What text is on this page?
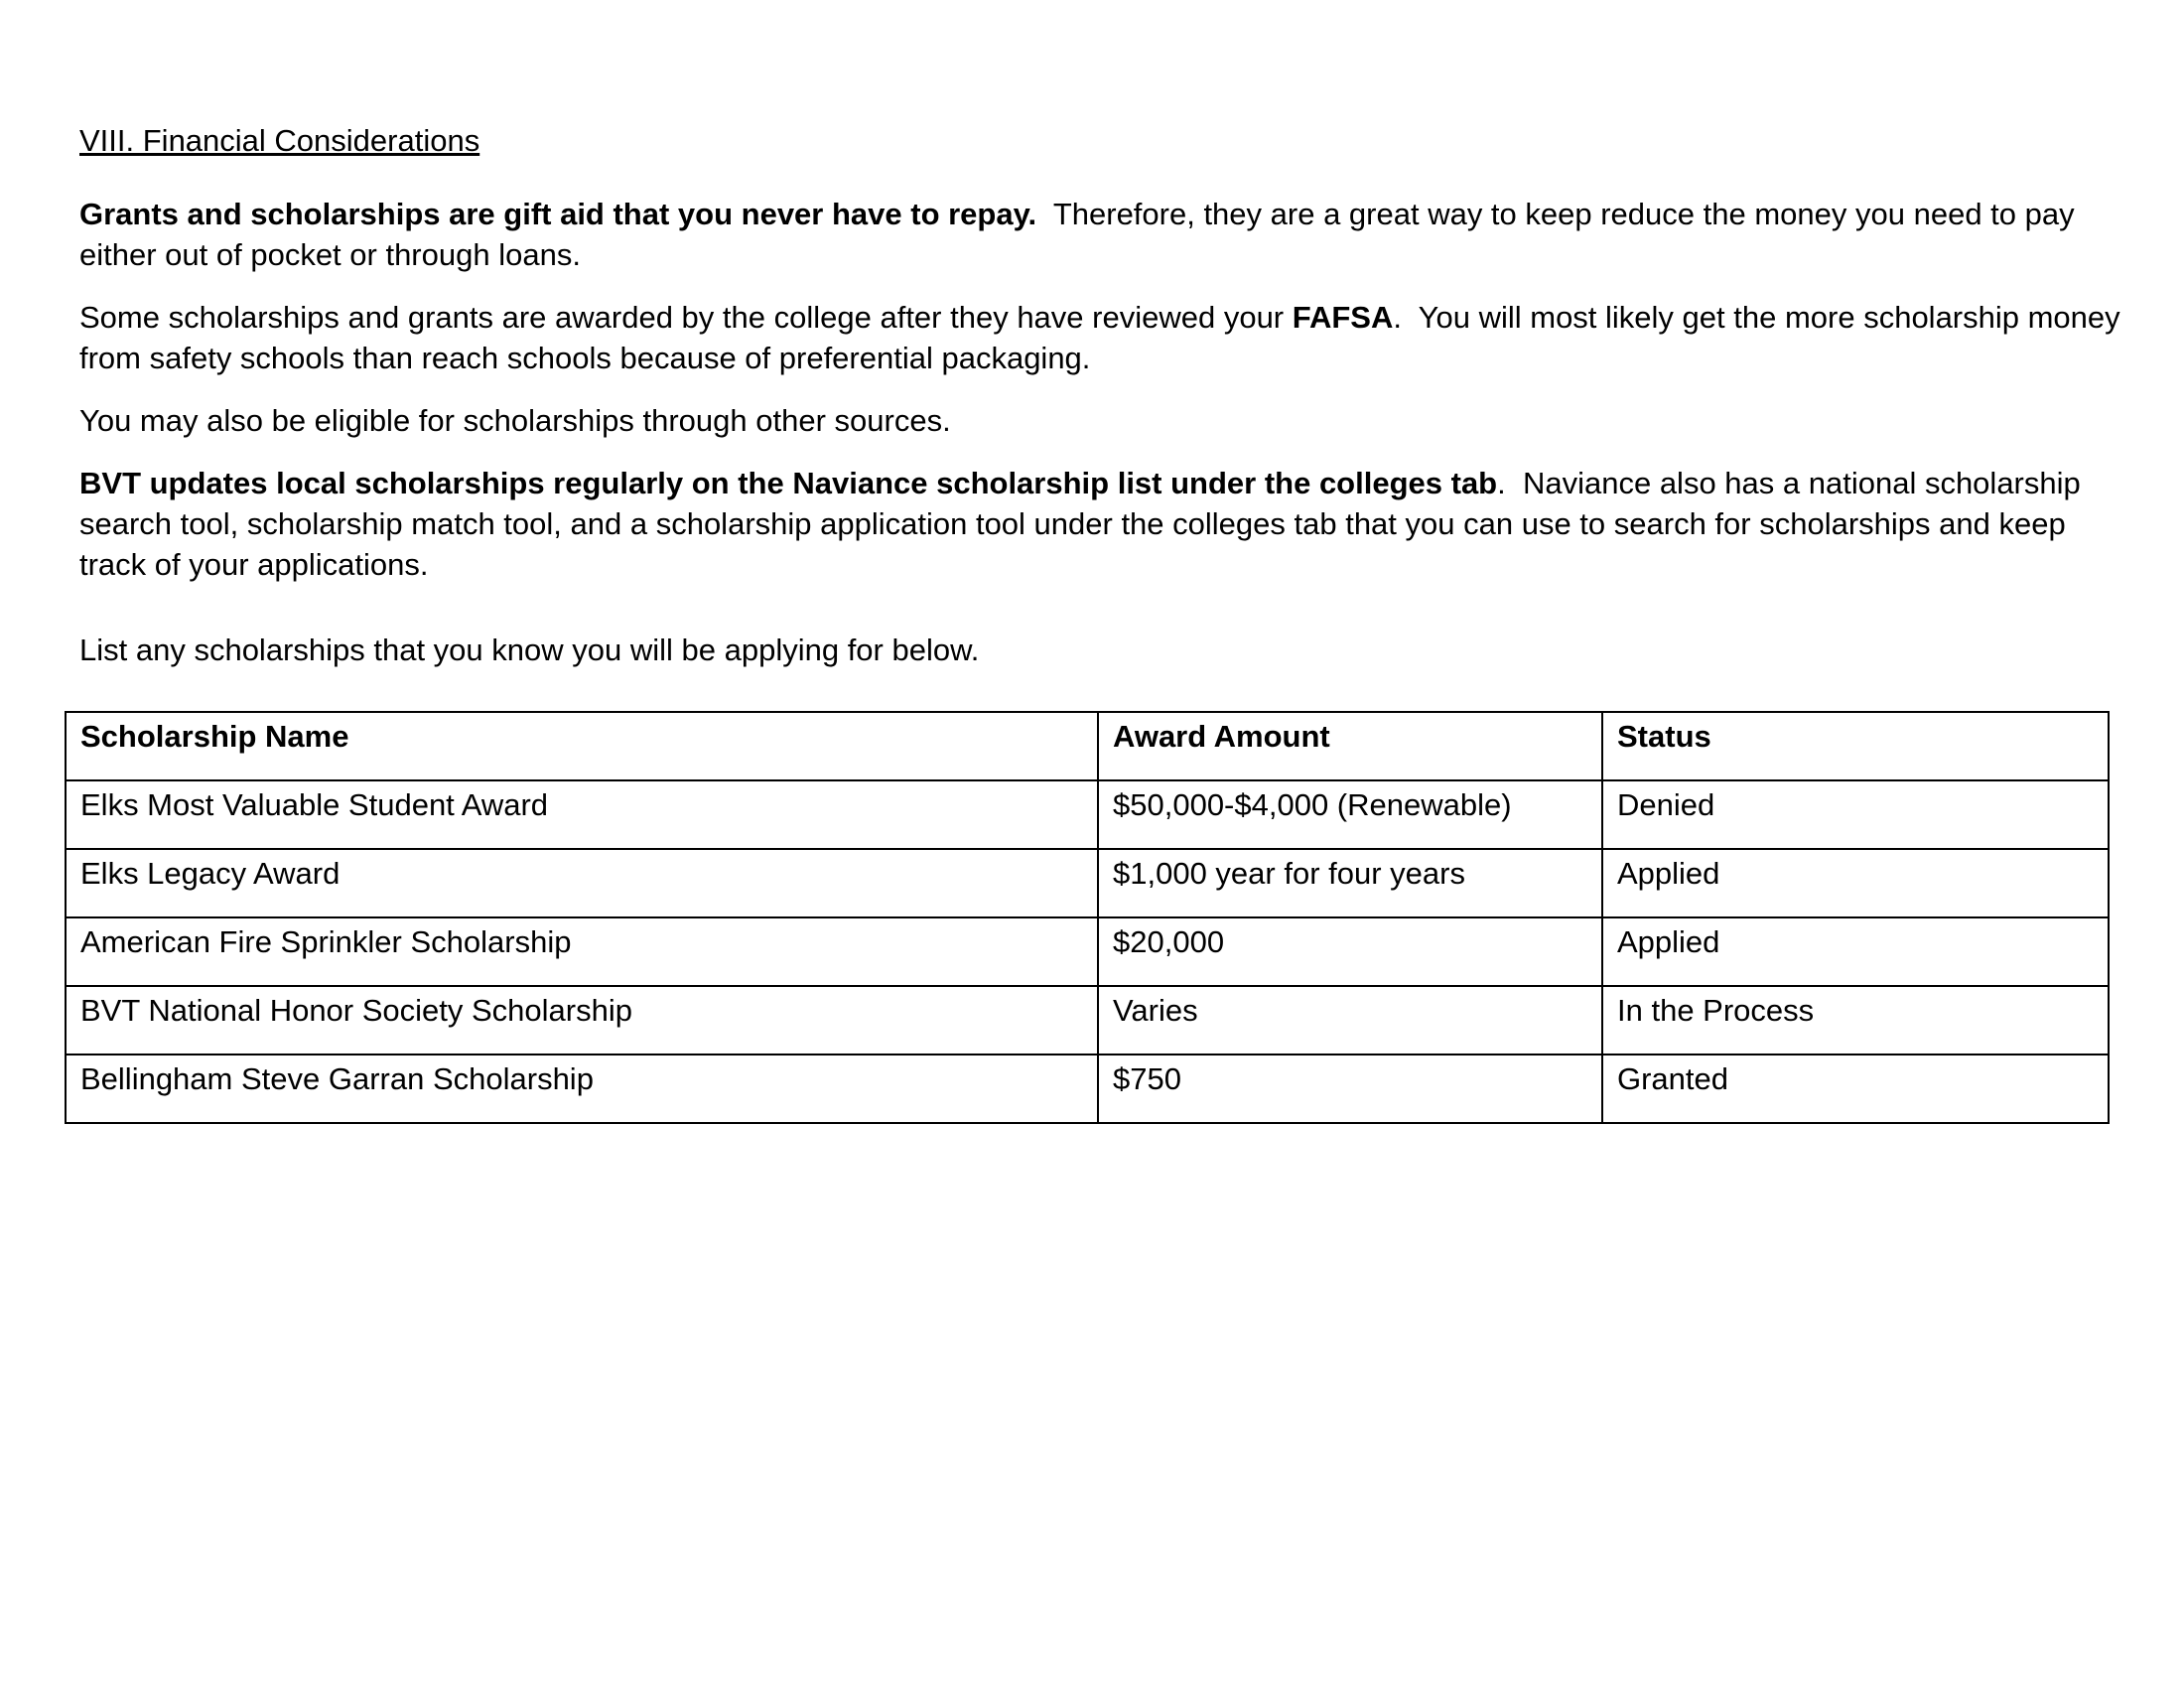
VIII. Financial Considerations

Grants and scholarships are gift aid that you never have to repay.  Therefore, they are a great way to keep reduce the money you need to pay either out of pocket or through loans.

Some scholarships and grants are awarded by the college after they have reviewed your FAFSA.  You will most likely get the more scholarship money from safety schools than reach schools because of preferential packaging.

You may also be eligible for scholarships through other sources.

BVT updates local scholarships regularly on the Naviance scholarship list under the colleges tab.  Naviance also has a national scholarship search tool, scholarship match tool, and a scholarship application tool under the colleges tab that you can use to search for scholarships and keep track of your applications.

List any scholarships that you know you will be applying for below.

Scholarship Name	Award Amount	Status
Elks Most Valuable Student Award	$50,000-$4,000 (Renewable)	Denied
Elks Legacy Award	$1,000 year for four years	Applied
American Fire Sprinkler Scholarship	$20,000	Applied
BVT National Honor Society Scholarship	Varies	In the Process
Bellingham Steve Garran Scholarship	$750	Granted
